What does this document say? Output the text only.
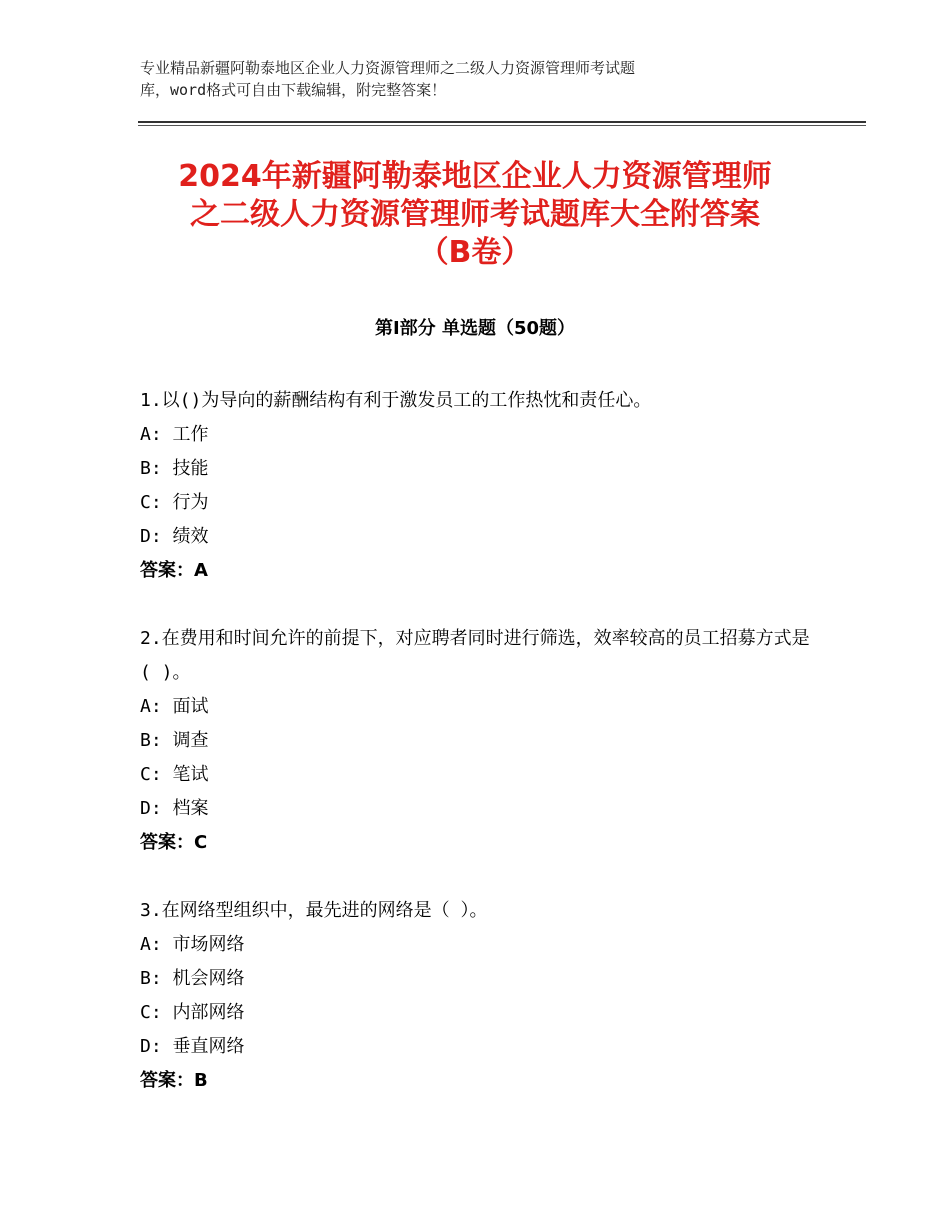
专业精品新疆阿勒泰地区企业人力资源管理师之二级人力资源管理师考试题
库，word格式可自由下载编辑，附完整答案！
2024年新疆阿勒泰地区企业人力资源管理师
之二级人力资源管理师考试题库大全附答案
（B卷）
第Ⅰ部分 单选题（50题）
1.以()为导向的薪酬结构有利于激发员工的工作热忱和责任心。
A: 工作
B: 技能
C: 行为
D: 绩效
答案：A
2.在费用和时间允许的前提下，对应聘者同时进行筛选，效率较高的员工招募方式是( )。
A: 面试
B: 调查
C: 笔试
D: 档案
答案：C
3.在网络型组织中，最先进的网络是（ ）。
A: 市场网络
B: 机会网络
C: 内部网络
D: 垂直网络
答案：B
